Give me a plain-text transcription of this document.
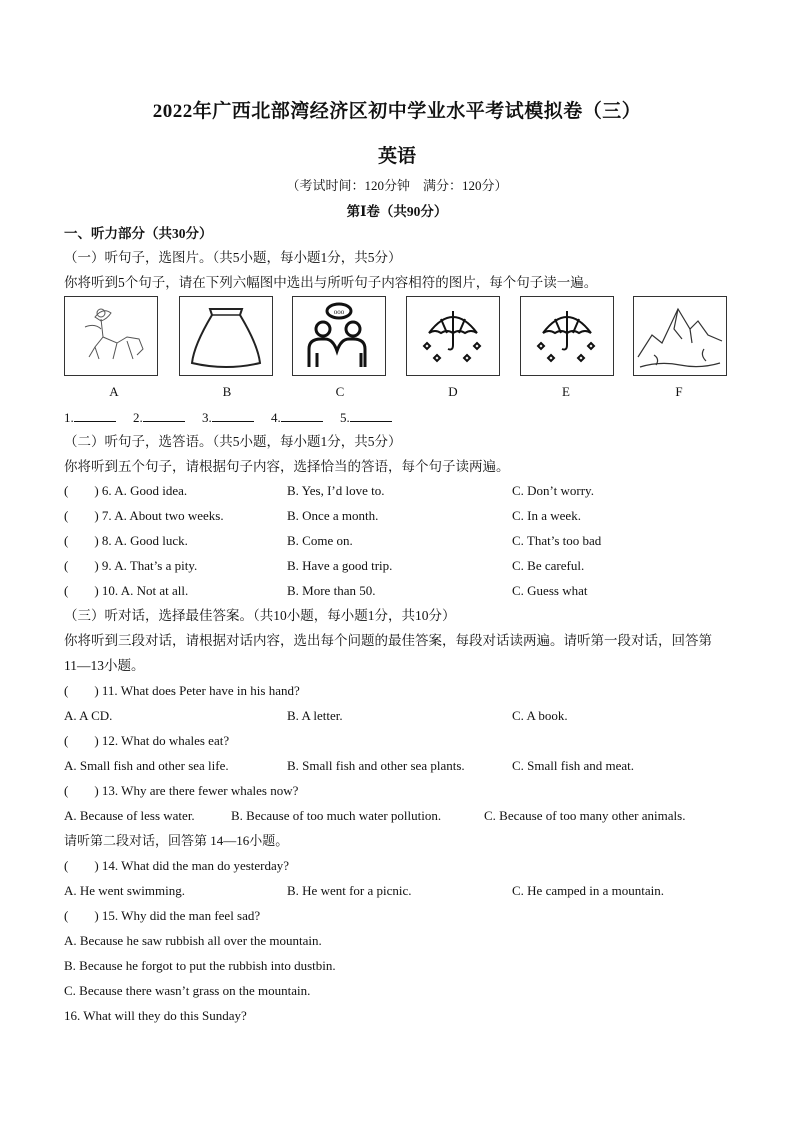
2022年广西北部湾经济区初中学业水平考试模拟卷（三）
英语
（考试时间：120分钟　满分：120分）
第Ⅰ卷（共90分）
一、听力部分（共30分）
（一）听句子，选图片。（共5小题，每小题1分，共5分）
你将听到5个句子，请在下列六幅图中选出与所听句子内容相符的图片，每个句子读一遍。
ooo
A	B	C	D	E	F
1.	2.	3.	4.	5.
（二）听句子，选答语。（共5小题，每小题1分，共5分）
你将听到五个句子，请根据句子内容，选择恰当的答语，每个句子读两遍。
(　　) 6. A. Good idea.	B. Yes, I’d love to.	C. Don’t worry.
(　　) 7. A. About two weeks.	B. Once a month.	C. In a week.
(　　) 8. A. Good luck.	B. Come on.	C. That’s too bad
(　　) 9. A. That’s a pity.	B. Have a good trip.	C. Be careful.
(　　) 10. A. Not at all.	B. More than 50.	C. Guess what
（三）听对话，选择最佳答案。（共10小题，每小题1分，共10分）
你将听到三段对话，请根据对话内容，选出每个问题的最佳答案，每段对话读两遍。请听第一段对话，回答第
11—13小题。
(　　) 11. What does Peter have in his hand?
A. A CD.	B. A letter.	C. A book.
(　　) 12. What do whales eat?
A. Small fish and other sea life.	B. Small fish and other sea plants.	C. Small fish and meat.
(　　) 13. Why are there fewer whales now?
A. Because of less water.	B. Because of too much water pollution.	C. Because of too many other animals.
请听第二段对话，回答第 14—16小题。
(　　) 14. What did the man do yesterday?
A. He went swimming.	B. He went for a picnic.	C. He camped in a mountain.
(　　) 15. Why did the man feel sad?
A. Because he saw rubbish all over the mountain.
B. Because he forgot to put the rubbish into dustbin.
C. Because there wasn’t grass on the mountain.
16. What will they do this Sunday?
